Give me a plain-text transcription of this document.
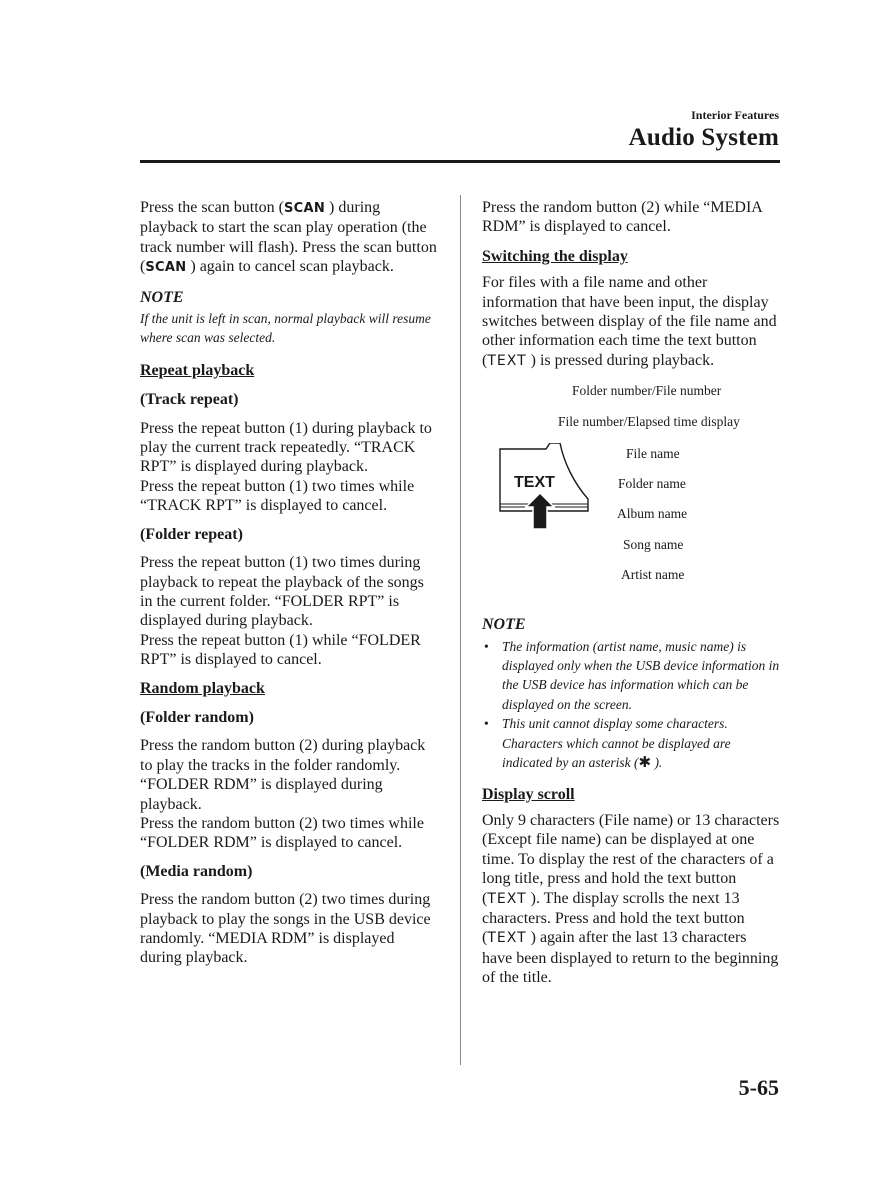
Interior Features
Audio System

Press the scan button (SCAN ) during playback to start the scan play operation (the track number will flash). Press the scan button (SCAN ) again to cancel scan playback.

NOTE
If the unit is left in scan, normal playback will resume where scan was selected.
Repeat playback
(Track repeat)

Press the repeat button (1) during playback to play the current track repeatedly. “TRACK RPT” is displayed during playback.
Press the repeat button (1) two times while “TRACK RPT” is displayed to cancel.

(Folder repeat)

Press the repeat button (1) two times during playback to repeat the playback of the songs in the current folder. “FOLDER RPT” is displayed during playback.
Press the repeat button (1) while “FOLDER RPT” is displayed to cancel.

Random playback
(Folder random)

Press the random button (2) during playback to play the tracks in the folder randomly. “FOLDER RDM” is displayed during playback.
Press the random button (2) two times while “FOLDER RDM” is displayed to cancel.

(Media random)

Press the random button (2) two times during playback to play the songs in the USB device randomly. “MEDIA RDM” is displayed during playback.

Press the random button (2) while “MEDIA RDM” is displayed to cancel.

Switching the display

For files with a file name and other information that have been input, the display switches between display of the file name and other information each time the text button (TEXT ) is pressed during playback.

Folder number/File number
File number/Elapsed time display
File name
Folder name
Album name
Song name
Artist name
TEXT
NOTE
• The information (artist name, music name) is displayed only when the USB device information in the USB device has information which can be displayed on the screen.
• This unit cannot display some characters. Characters which cannot be displayed are indicated by an asterisk (✱ ).
Display scroll

Only 9 characters (File name) or 13 characters (Except file name) can be displayed at one time. To display the rest of the characters of a long title, press and hold the text button (TEXT ). The display scrolls the next 13 characters. Press and hold the text button (TEXT ) again after the last 13 characters have been displayed to return to the beginning of the title.

5-65
